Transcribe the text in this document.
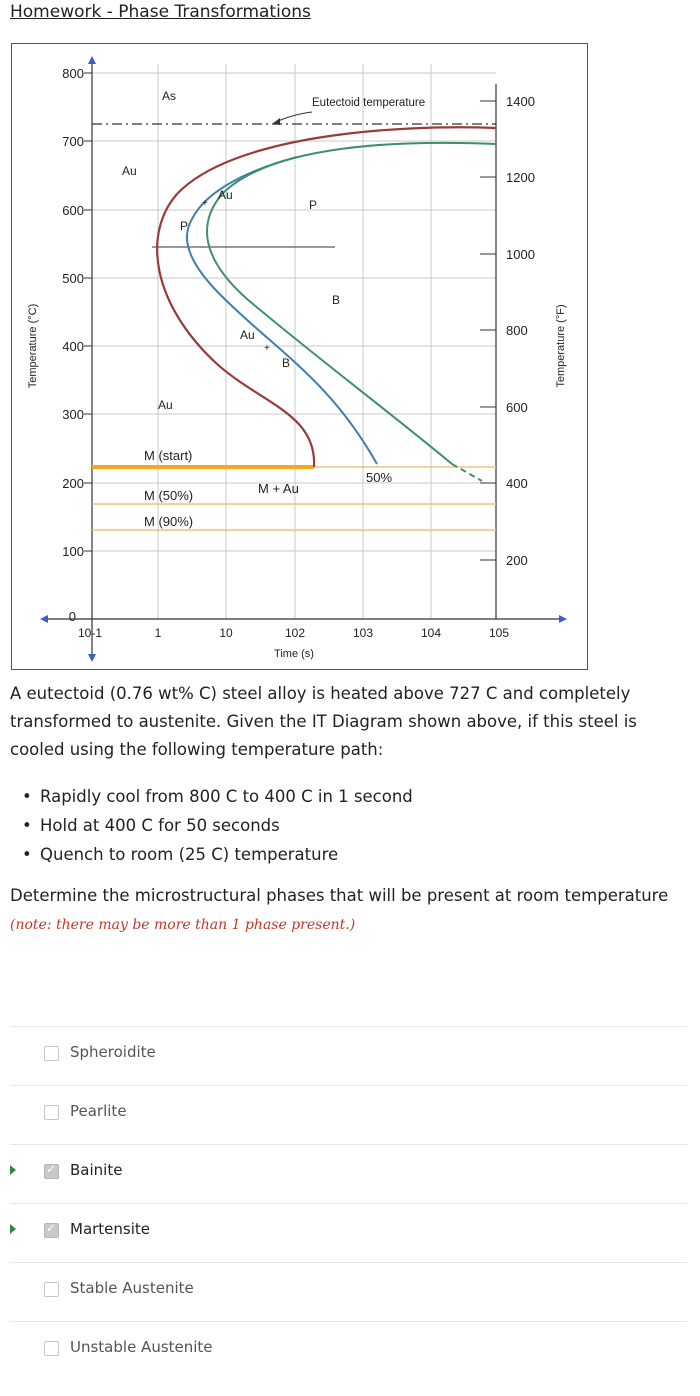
Homework - Phase Transformations
800
700
600
500
400
300
200
100
0
1400
1200
1000
800
600
400
200
10-1	1	10	102	103	104	105
Time (s)
Temperature (°C)	Temperature (°F)
Eutectoid temperature
As
Au
Au
+
P
P
B
Au
+
B
Au
M (start)
M (50%)
M (90%)
M + Au
50%

A eutectoid (0.76 wt% C) steel alloy is heated above 727 C and completely transformed to austenite. Given the IT Diagram shown above, if this steel is cooled using the following temperature path:

• Rapidly cool from 800 C to 400 C in 1 second
• Hold at 400 C for 50 seconds
• Quench to room (25 C) temperature
Determine the microstructural phases that will be present at room temperature
(note: there may be more than 1 phase present.)
Spheroidite
Pearlite
✓
Bainite
✓
Martensite
Stable Austenite
Unstable Austenite
